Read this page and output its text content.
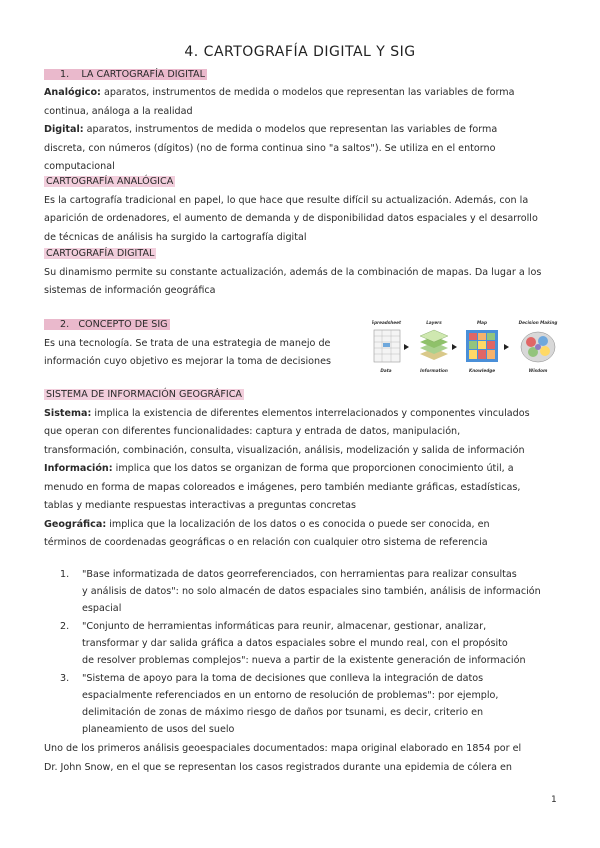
4. CARTOGRAFÍA DIGITAL Y SIG
1. LA CARTOGRAFÍA DIGITAL
Analógico: aparatos, instrumentos de medida o modelos que representan las variables de forma
continua, análoga a la realidad
Digital: aparatos, instrumentos de medida o modelos que representan las variables de forma
discreta, con números (dígitos) (no de forma continua sino "a saltos"). Se utiliza en el entorno
computacional
CARTOGRAFÍA ANALÓGICA
Es la cartografía tradicional en papel, lo que hace que resulte difícil su actualización. Además, con la
aparición de ordenadores, el aumento de demanda y de disponibilidad datos espaciales y el desarrollo
de técnicas de análisis ha surgido la cartografía digital
CARTOGRAFÍA DIGITAL
Su dinamismo permite su constante actualización, además de la combinación de mapas. Da lugar a los
sistemas de información geográfica
2. CONCEPTO DE SIG
Es una tecnología. Se trata de una estrategia de manejo de
información cuyo objetivo es mejorar la toma de decisiones
Spreadsheet	Layers	Map	Decision Making
Data	Information	Knowledge	Wisdom
SISTEMA DE INFORMACIÓN GEOGRÁFICA
Sistema: implica la existencia de diferentes elementos interrelacionados y componentes vinculados
que operan con diferentes funcionalidades: captura y entrada de datos, manipulación,
transformación, combinación, consulta, visualización, análisis, modelización y salida de información
Información: implica que los datos se organizan de forma que proporcionen conocimiento útil, a
menudo en forma de mapas coloreados e imágenes, pero también mediante gráficas, estadísticas,
tablas y mediante respuestas interactivas a preguntas concretas
Geográfica: implica que la localización de los datos o es conocida o puede ser conocida, en
términos de coordenadas geográficas o en relación con cualquier otro sistema de referencia
1. "Base informatizada de datos georreferenciados, con herramientas para realizar consultas
y análisis de datos": no solo almacén de datos espaciales sino también, análisis de información
espacial
2. "Conjunto de herramientas informáticas para reunir, almacenar, gestionar, analizar,
transformar y dar salida gráfica a datos espaciales sobre el mundo real, con el propósito
de resolver problemas complejos": nueva a partir de la existente generación de información
3. "Sistema de apoyo para la toma de decisiones que conlleva la integración de datos
espacialmente referenciados en un entorno de resolución de problemas": por ejemplo,
delimitación de zonas de máximo riesgo de daños por tsunami, es decir, criterio en
planeamiento de usos del suelo
Uno de los primeros análisis geoespaciales documentados: mapa original elaborado en 1854 por el
Dr. John Snow, en el que se representan los casos registrados durante una epidemia de cólera en
1
